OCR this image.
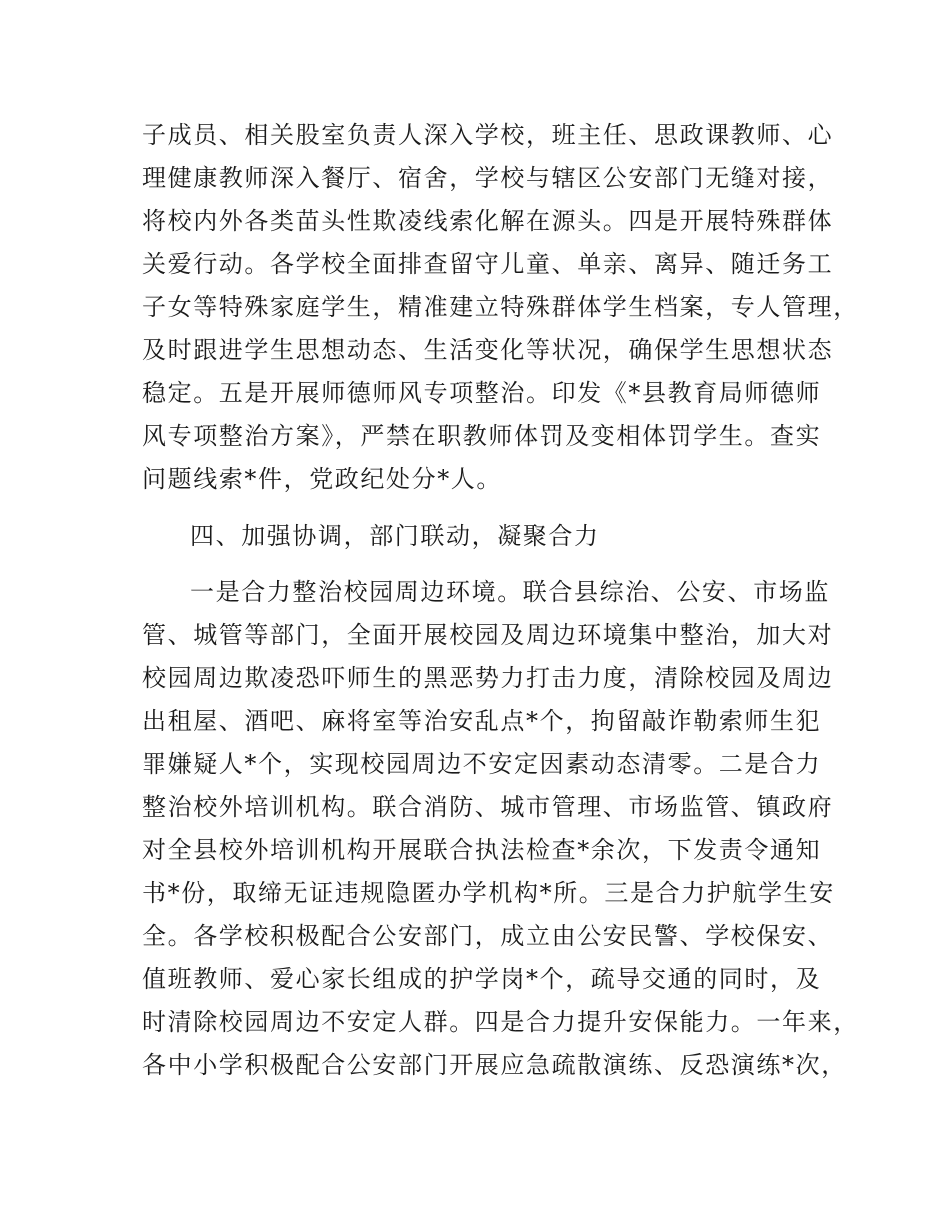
子成员、相关股室负责人深入学校，班主任、思政课教师、心
理健康教师深入餐厅、宿舍，学校与辖区公安部门无缝对接，
将校内外各类苗头性欺凌线索化解在源头。四是开展特殊群体
关爱行动。各学校全面排查留守儿童、单亲、离异、随迁务工
子女等特殊家庭学生，精准建立特殊群体学生档案，专人管理，
及时跟进学生思想动态、生活变化等状况，确保学生思想状态
稳定。五是开展师德师风专项整治。印发《*县教育局师德师
风专项整治方案》，严禁在职教师体罚及变相体罚学生。查实
问题线索*件，党政纪处分*人。
四、加强协调，部门联动，凝聚合力
一是合力整治校园周边环境。联合县综治、公安、市场监
管、城管等部门，全面开展校园及周边环境集中整治，加大对
校园周边欺凌恐吓师生的黑恶势力打击力度，清除校园及周边
出租屋、酒吧、麻将室等治安乱点*个，拘留敲诈勒索师生犯
罪嫌疑人*个，实现校园周边不安定因素动态清零。二是合力
整治校外培训机构。联合消防、城市管理、市场监管、镇政府
对全县校外培训机构开展联合执法检查*余次，下发责令通知
书*份，取缔无证违规隐匿办学机构*所。三是合力护航学生安
全。各学校积极配合公安部门，成立由公安民警、学校保安、
值班教师、爱心家长组成的护学岗*个，疏导交通的同时，及
时清除校园周边不安定人群。四是合力提升安保能力。一年来，
各中小学积极配合公安部门开展应急疏散演练、反恐演练*次，
